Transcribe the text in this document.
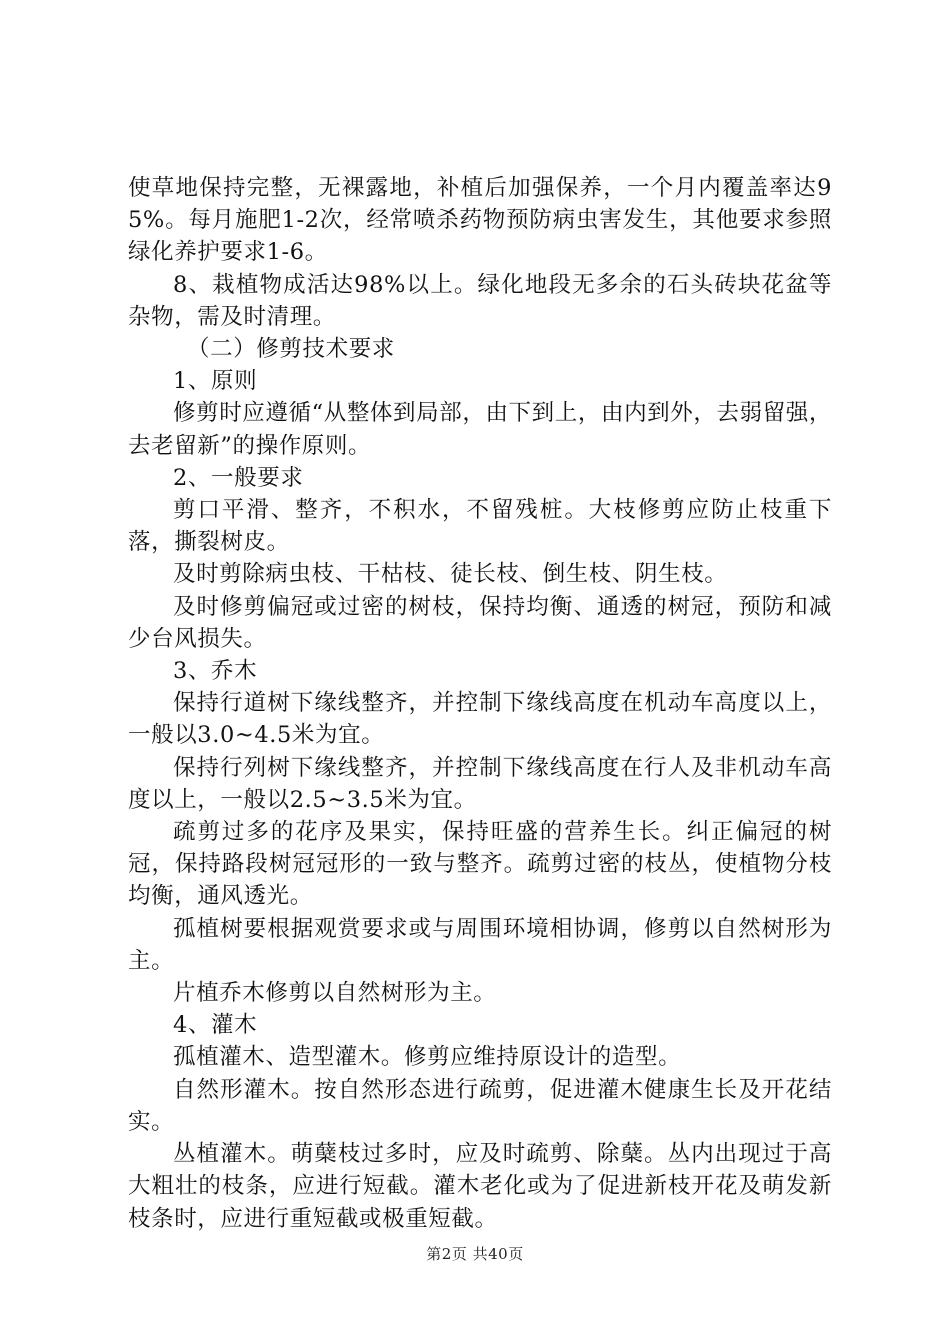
使草地保持完整，无裸露地，补植后加强保养，一个月内覆盖率达95%。每月施肥1-2次，经常喷杀药物预防病虫害发生，其他要求参照绿化养护要求1-6。

8、栽植物成活达98%以上。绿化地段无多余的石头砖块花盆等杂物，需及时清理。

（二）修剪技术要求

1、原则

修剪时应遵循“从整体到局部，由下到上，由内到外，去弱留强，去老留新”的操作原则。

2、一般要求

剪口平滑、整齐，不积水，不留残桩。大枝修剪应防止枝重下落，撕裂树皮。

及时剪除病虫枝、干枯枝、徒长枝、倒生枝、阴生枝。

及时修剪偏冠或过密的树枝，保持均衡、通透的树冠，预防和减少台风损失。

3、乔木

保持行道树下缘线整齐，并控制下缘线高度在机动车高度以上，一般以3.0~4.5米为宜。

保持行列树下缘线整齐，并控制下缘线高度在行人及非机动车高度以上，一般以2.5~3.5米为宜。

疏剪过多的花序及果实，保持旺盛的营养生长。纠正偏冠的树冠，保持路段树冠冠形的一致与整齐。疏剪过密的枝丛，使植物分枝均衡，通风透光。

孤植树要根据观赏要求或与周围环境相协调，修剪以自然树形为主。

片植乔木修剪以自然树形为主。

4、灌木

孤植灌木、造型灌木。修剪应维持原设计的造型。

自然形灌木。按自然形态进行疏剪，促进灌木健康生长及开花结实。

丛植灌木。萌蘖枝过多时，应及时疏剪、除蘖。丛内出现过于高大粗壮的枝条，应进行短截。灌木老化或为了促进新枝开花及萌发新枝条时，应进行重短截或极重短截。

第2页 共40页
